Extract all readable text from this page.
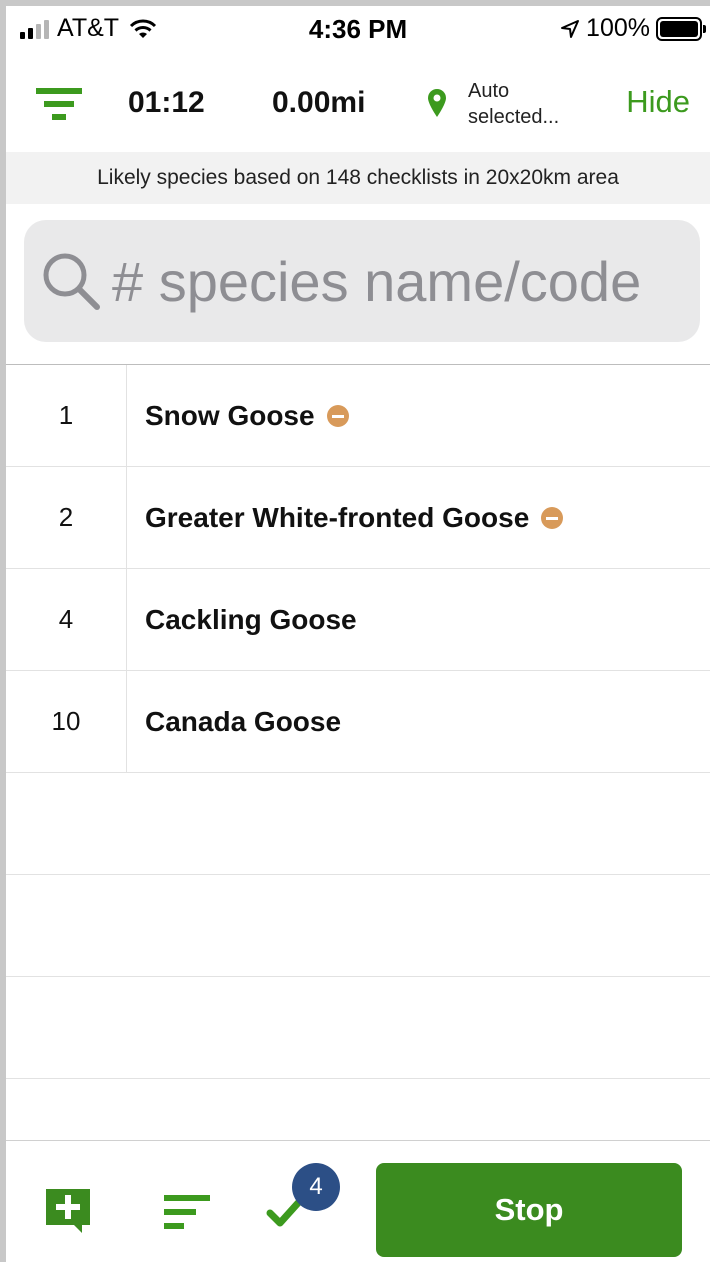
AT&T	4:36 PM	100%
01:12 0.00mi	Auto
selected... Hide
Likely species based on 148 checklists in 20x20km area
# species name/code
1	Snow Goose
2	Greater White-fronted Goose
4	Cackling Goose
10	Canada Goose
4
Stop
